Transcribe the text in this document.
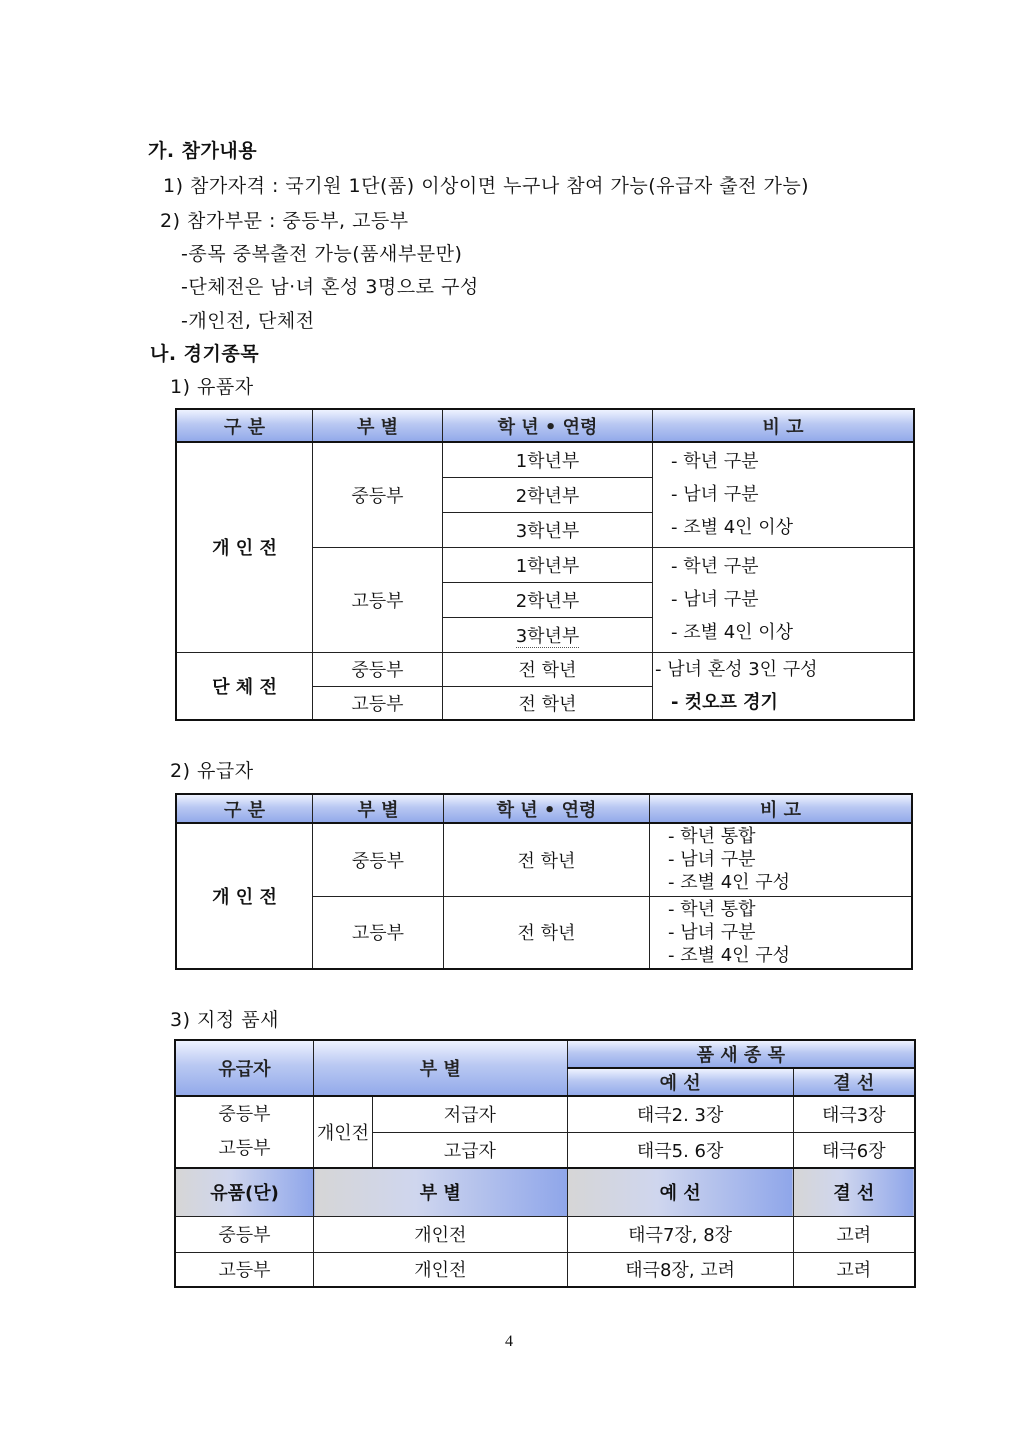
가. 참가내용
1) 참가자격 : 국기원 1단(품) 이상이면 누구나 참여 가능(유급자 출전 가능)
2) 참가부문 : 중등부, 고등부
-종목 중복출전 가능(품새부문만)
-단체전은 남·녀 혼성 3명으로 구성
-개인전, 단체전
나. 경기종목
1) 유품자
구 분	부 별	학 년 • 연령	비 고
개 인 전	중등부	1학년부	- 학년 구분
- 남녀 구분
- 조별 4인 이상

		2학년부	
		3학년부	
	고등부	1학년부	- 학년 구분
- 남녀 구분
- 조별 4인 이상

		2학년부	
		3학년부	
단 체 전	중등부	전 학년	- 남녀 혼성 3인 구성
- 컷오프 경기

	고등부	전 학년	
2) 유급자
구 분	부 별	학 년 • 연령	비 고
개 인 전	중등부	전 학년	- 학년 통합
- 남녀 구분
- 조별 4인 구성

	고등부	전 학년	- 학년 통합
- 남녀 구분
- 조별 4인 구성
3) 지정 품새
유급자	부 별		품 새 종 목	
			예 선	결 선

중등부
고등부	개인전	저급자	태극2. 3장	태극3장
		고급자	태극5. 6장	태극6장
유품(단)	부 별		예 선	결 선
중등부	개인전		태극7장, 8장	고려
고등부	개인전		태극8장, 고려	고려
4
